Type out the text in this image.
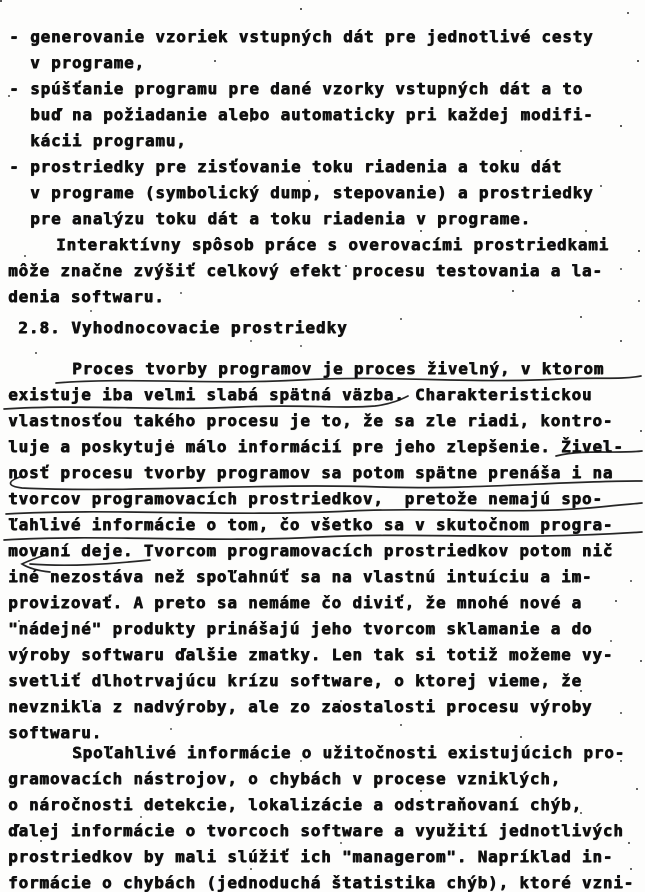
- generovanie vzoriek vstupných dát pre jednotlivé cesty
v programe,
- spúšťanie programu pre dané vzorky vstupných dát a to
buď na požiadanie alebo automaticky pri každej modifi-
kácii programu,
- prostriedky pre zisťovanie toku riadenia a toku dát
v programe (symbolický dump, stepovanie) a prostriedky
pre analýzu toku dát a toku riadenia v programe.
Interaktívny spôsob práce s overovacími prostriedkami
môže značne zvýšiť celkový efekt procesu testovania a la-
denia softwaru.
2.8. Vyhodnocovacie prostriedky
Proces tvorby programov je proces živelný, v ktorom
existuje iba velmi slabá spätná väzba. Charakteristickou
vlastnosťou takého procesu je to, že sa zle riadi, kontro-
luje a poskytuje málo informácií pre jeho zlepšenie. Živel-
nosť procesu tvorby programov sa potom spätne prenáša i na
tvorcov programovacích prostriedkov,  pretože nemajú spo-
ľahlivé informácie o tom, čo všetko sa v skutočnom progra-
movaní deje. Tvorcom programovacích prostriedkov potom nič
iné nezostáva než spoľahnúť sa na vlastnú intuíciu a im-
provizovať. A preto sa nemáme čo diviť, že mnohé nové a
"nádejné" produkty prinášajú jeho tvorcom sklamanie a do
výroby softwaru ďalšie zmatky. Len tak si totiž možeme vy-
svetliť dlhotrvajúcu krízu software, o ktorej vieme, že
nevznikla z nadvýroby, ale zo zaostalosti procesu výroby
softwaru.
Spoľahlivé informácie o užitočnosti existujúcich pro-
gramovacích nástrojov, o chybách v procese vzniklých,
o náročnosti detekcie, lokalizácie a odstraňovaní chýb,
ďalej informácie o tvorcoch software a využití jednotlivých
prostriedkov by mali slúžiť ich "managerom". Napríklad in-
formácie o chybách (jednoduchá štatistika chýb), ktoré vzni-
